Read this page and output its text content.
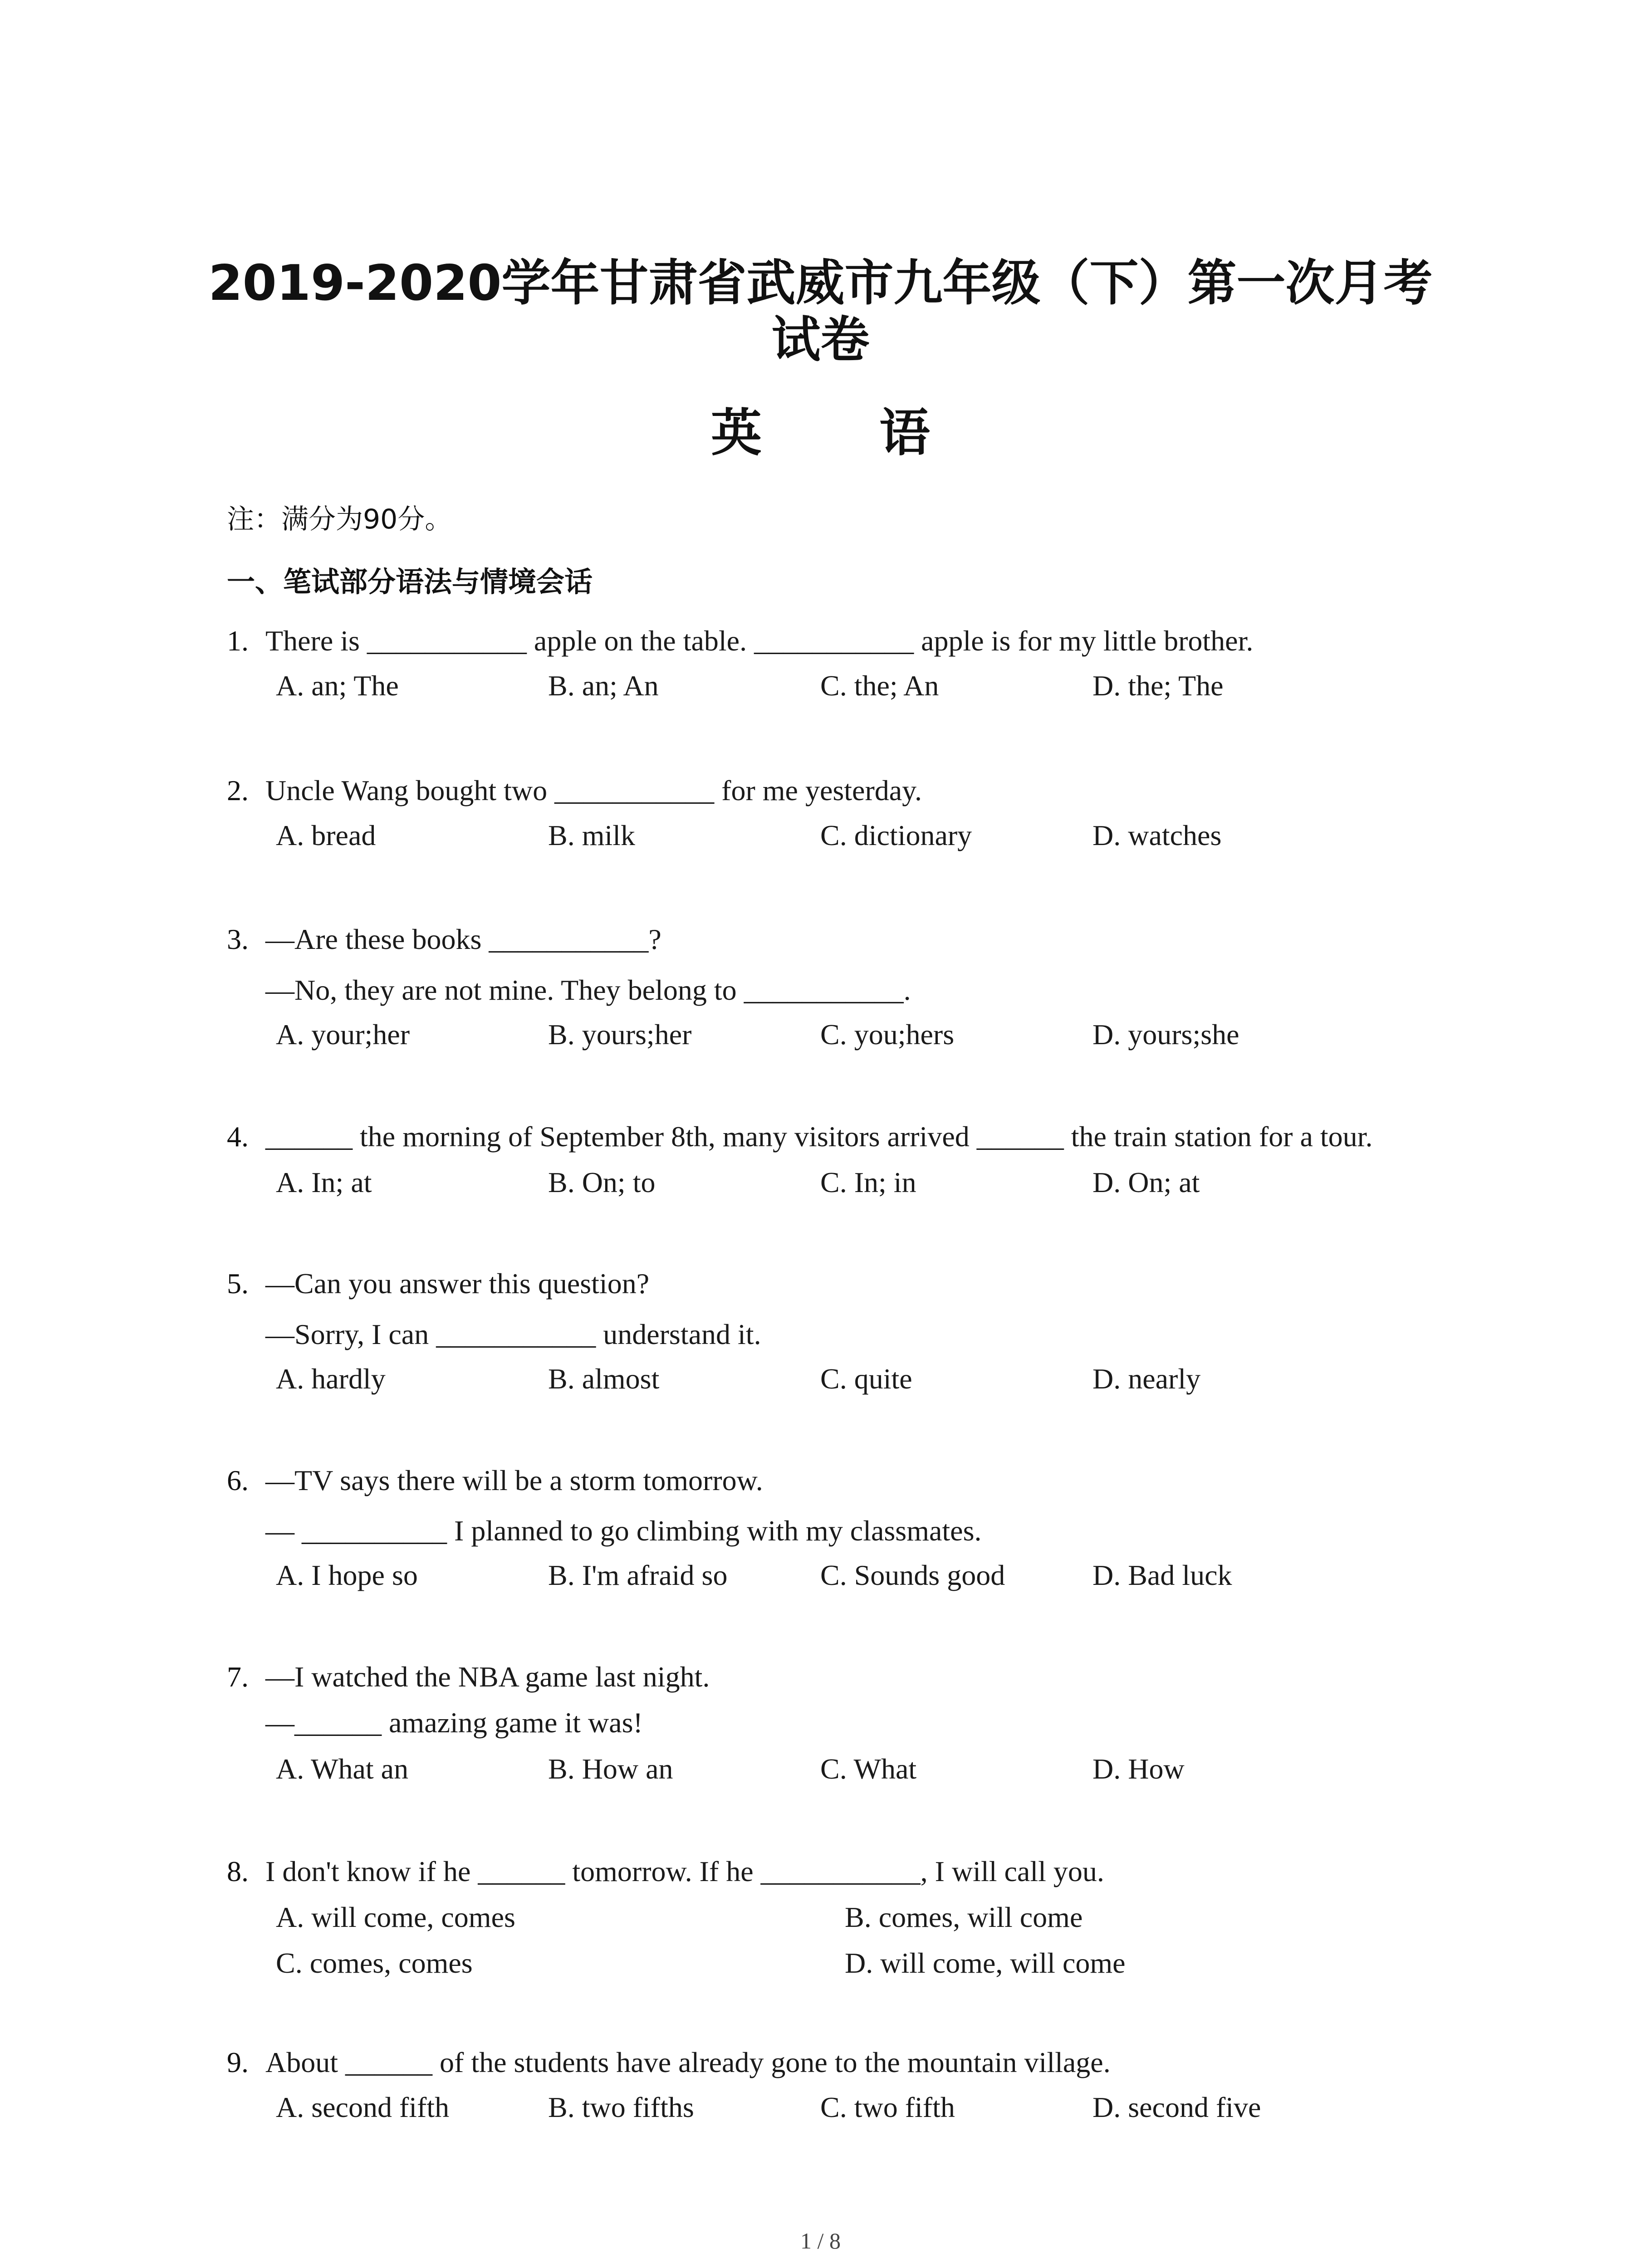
2019-2020学年甘肃省武威市九年级（下）第一次月考
试卷
英 语
注：满分为90分。
一、笔试部分语法与情境会话
1. There is ___________ apple on the table. ___________ apple is for my little brother.
A. an; The	B. an; An	C. the; An	D. the; The
2. Uncle Wang bought two ___________ for me yesterday.
A. bread	B. milk	C. dictionary	D. watches
3. —Are these books ___________?
—No, they are not mine. They belong to ___________.
A. your;her	B. yours;her	C. you;hers	D. yours;she
4. ______ the morning of September 8th, many visitors arrived ______ the train station for a tour.
A. In; at	B. On; to	C. In; in	D. On; at
5. —Can you answer this question?
—Sorry, I can ___________ understand it.
A. hardly	B. almost	C. quite	D. nearly
6. —TV says there will be a storm tomorrow.
— __________ I planned to go climbing with my classmates.
A. I hope so	B. I'm afraid so	C. Sounds good	D. Bad luck
7. —I watched the NBA game last night.
—______ amazing game it was!
A. What an	B. How an	C. What	D. How
8. I don't know if he ______ tomorrow. If he ___________, I will call you.
A. will come, comes	B. comes, will come
C. comes, comes	D. will come, will come
9. About ______ of the students have already gone to the mountain village.
A. second fifth	B. two fifths	C. two fifth	D. second five
1 / 8
